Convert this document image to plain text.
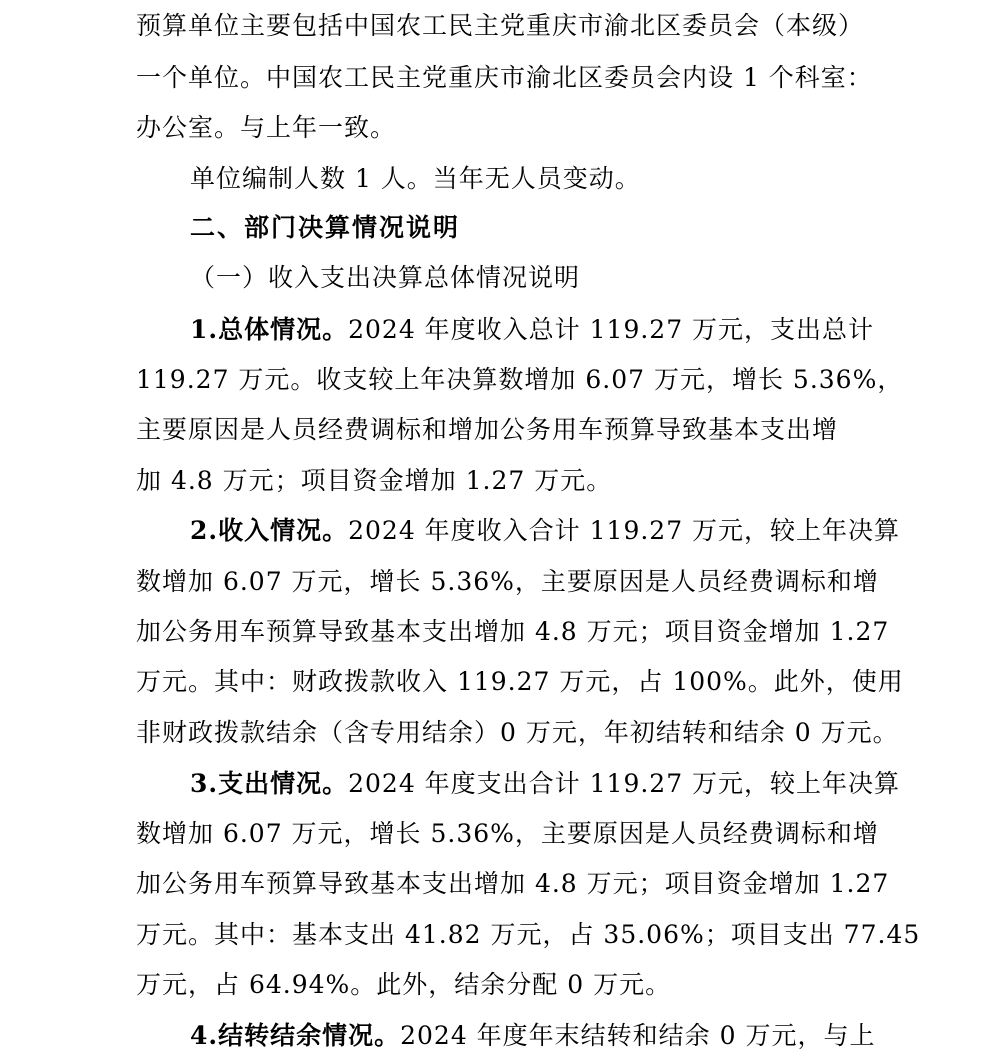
预算单位主要包括中国农工民主党重庆市渝北区委员会（本级）
一个单位。中国农工民主党重庆市渝北区委员会内设 1 个科室：
办公室。与上年一致。
单位编制人数 1 人。当年无人员变动。
二、部门决算情况说明
（一）收入支出决算总体情况说明
1.总体情况。2024 年度收入总计 119.27 万元，支出总计
119.27 万元。收支较上年决算数增加 6.07 万元，增长 5.36%，
主要原因是人员经费调标和增加公务用车预算导致基本支出增
加 4.8 万元；项目资金增加 1.27 万元。
2.收入情况。2024 年度收入合计 119.27 万元，较上年决算
数增加 6.07 万元，增长 5.36%，主要原因是人员经费调标和增
加公务用车预算导致基本支出增加 4.8 万元；项目资金增加 1.27
万元。其中：财政拨款收入 119.27 万元，占 100%。此外，使用
非财政拨款结余（含专用结余）0 万元，年初结转和结余 0 万元。
3.支出情况。2024 年度支出合计 119.27 万元，较上年决算
数增加 6.07 万元，增长 5.36%，主要原因是人员经费调标和增
加公务用车预算导致基本支出增加 4.8 万元；项目资金增加 1.27
万元。其中：基本支出 41.82 万元，占 35.06%；项目支出 77.45
万元，占 64.94%。此外，结余分配 0 万元。
4.结转结余情况。2024 年度年末结转和结余 0 万元，与上
